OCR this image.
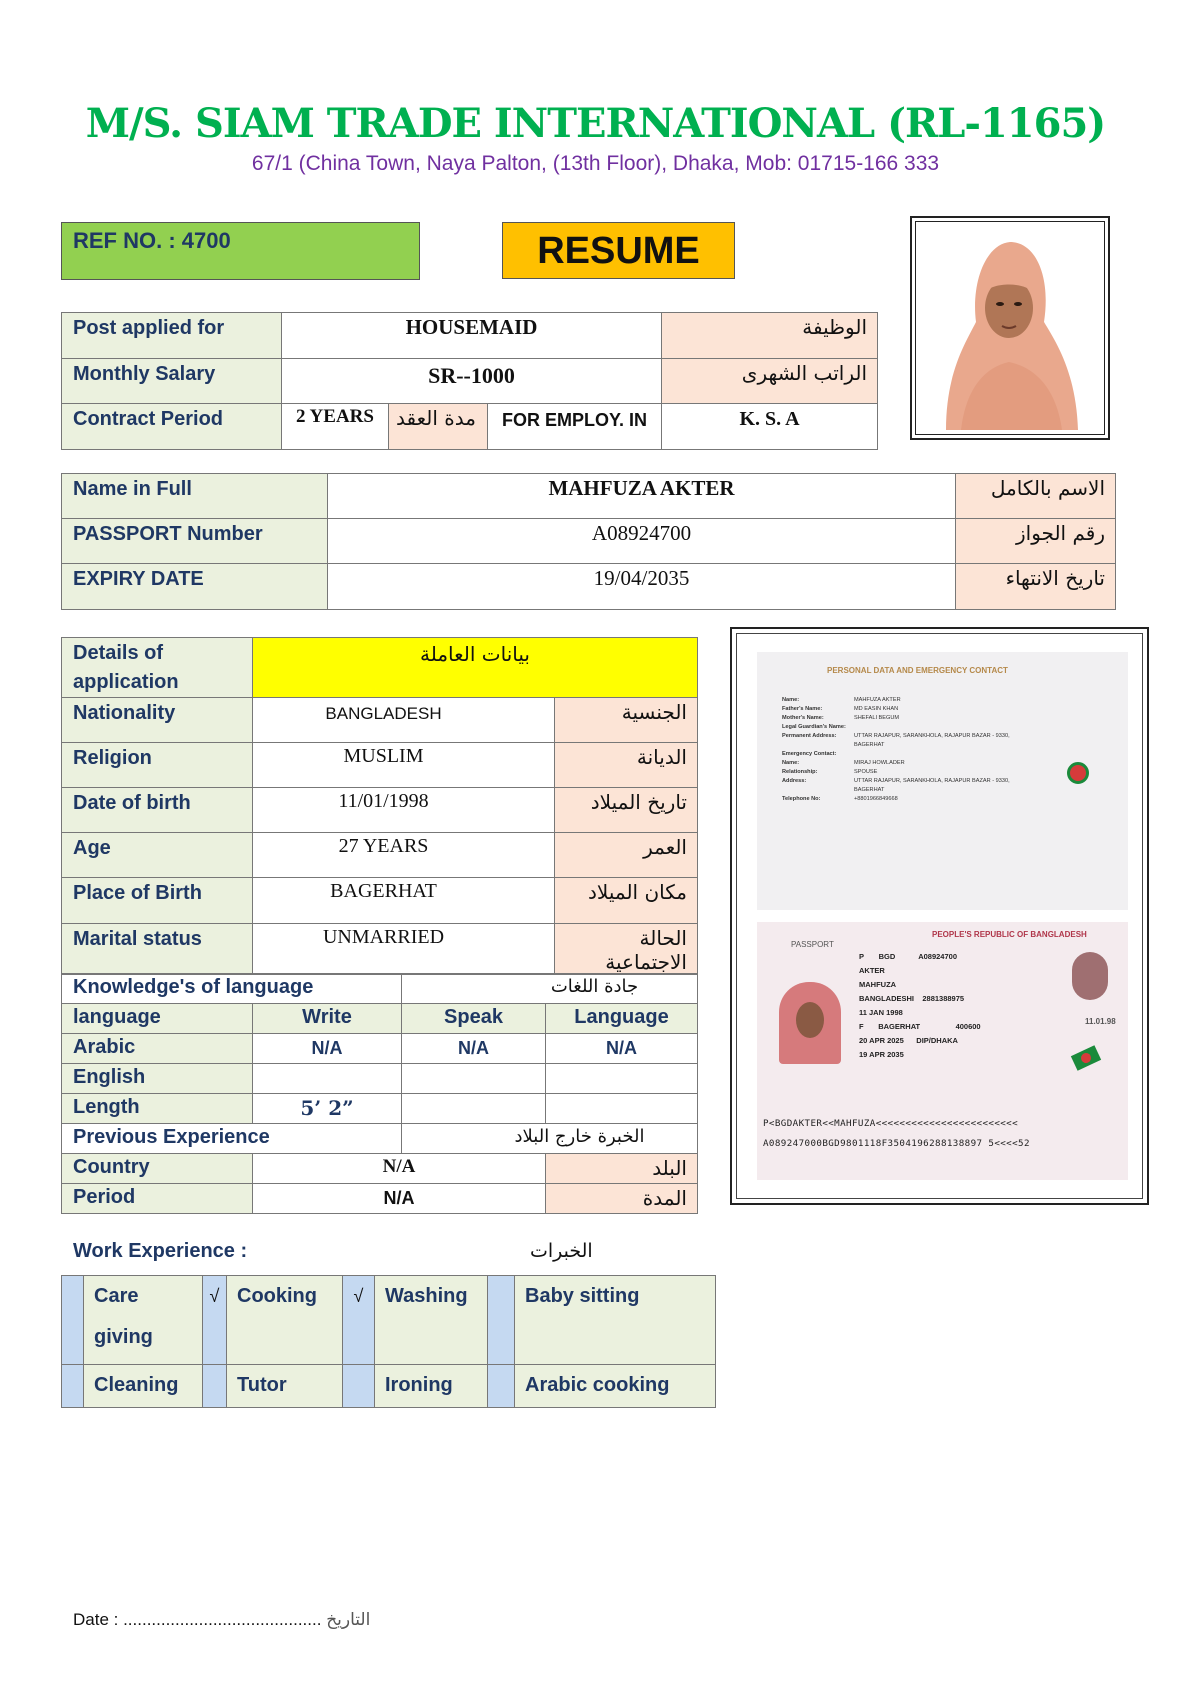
M/S. SIAM TRADE INTERNATIONAL (RL-1165)
67/1 (China Town, Naya Palton, (13th Floor), Dhaka, Mob: 01715-166 333
REF NO. : 4700	RESUME
Post applied for	HOUSEMAID			الوظيفة
Monthly Salary	SR--1000			الراتب الشهرى
Contract Period	2 YEARS	مدة العقد	FOR EMPLOY. IN	K. S. A
Name in Full	MAHFUZA AKTER	الاسم بالكامل
PASSPORT Number	A08924700	رقم الجواز
EXPIRY DATE	19/04/2035	تاريخ الانتهاء
Details of application	بيانات العاملة	
Nationality	BANGLADESH	الجنسية
Religion	MUSLIM	الديانة
Date of birth	11/01/1998	تاريخ الميلاد
Age	27 YEARS	العمر
Place of Birth	BAGERHAT	مكان الميلاد
Marital status	UNMARRIED	الحالة الاجتماعية
Knowledge's of language		جادة اللغات	
language	Write	Speak	Language
Arabic	N/A	N/A	N/A
English			
Length	5’ 2”		
Previous Experience		الخبرة خارج البلاد	
Country	N/A		البلد
Period	N/A		المدة
PERSONAL DATA AND EMERGENCY CONTACT
Name:	MAHFUZA AKTER
Father's Name:	MD EASIN KHAN
Mother's Name:	SHEFALI BEGUM
Legal Guardian's Name:
Permanent Address:	UTTAR RAJAPUR, SARANKHOLA, RAJAPUR BAZAR - 9330, BAGERHAT
Emergency Contact:
Name:	MIRAJ HOWLADER
Relationship:	SPOUSE
Address:	UTTAR RAJAPUR, SARANKHOLA, RAJAPUR BAZAR - 9330, BAGERHAT
Telephone No:	+8801966849668
PEOPLE'S REPUBLIC OF BANGLADESH
PASSPORT
P BGD	A08924700
AKTER
MAHFUZA
BANGLADESHI 2881388975
11 JAN 1998
F BAGERHAT	400600
20 APR 2025 DIP/DHAKA
19 APR 2035
11.01.98
P<BGDAKTER<<MAHFUZA<<<<<<<<<<<<<<<<<<<<<<<<
A089247000BGD9801118F3504196288138897 5<<<<52
Work Experience :	الخبرات
	Care giving	√	Cooking	√	Washing		Baby sitting
	Cleaning		Tutor		Ironing		Arabic cooking
Date : .......................................... التاريخ
